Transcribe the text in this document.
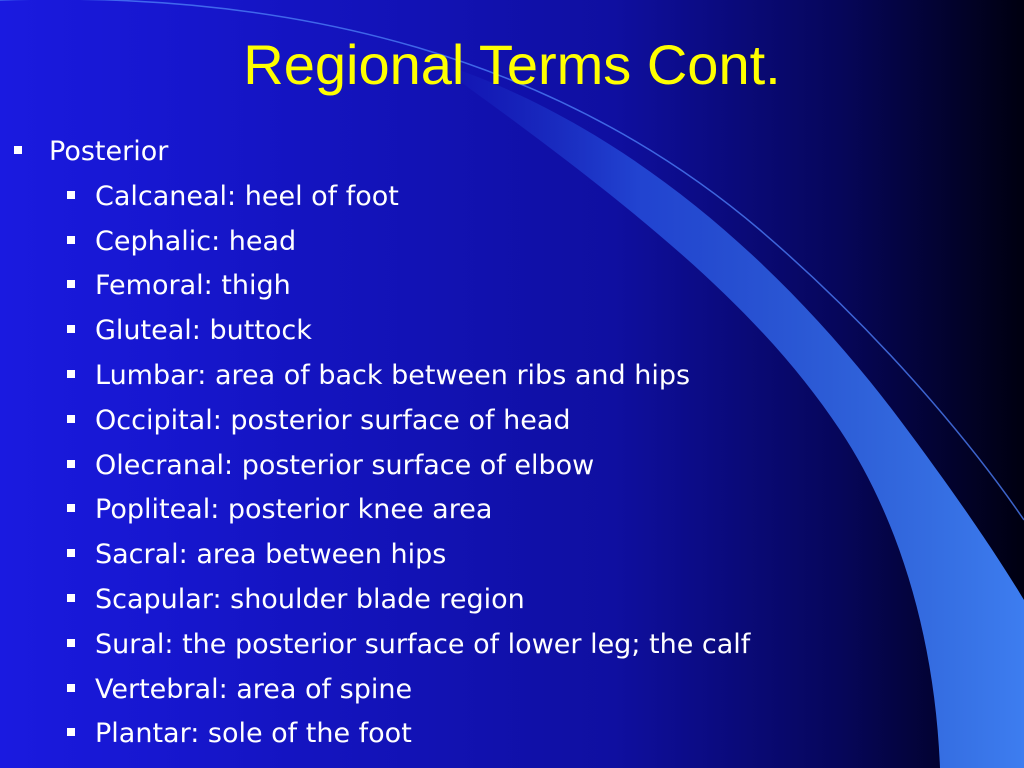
Regional Terms Cont.
Posterior
Calcaneal: heel of foot
Cephalic: head
Femoral: thigh
Gluteal: buttock
Lumbar: area of back between ribs and hips
Occipital: posterior surface of head
Olecranal: posterior surface of elbow
Popliteal: posterior knee area
Sacral: area between hips
Scapular: shoulder blade region
Sural: the posterior surface of lower leg; the calf
Vertebral: area of spine
Plantar: sole of the foot
